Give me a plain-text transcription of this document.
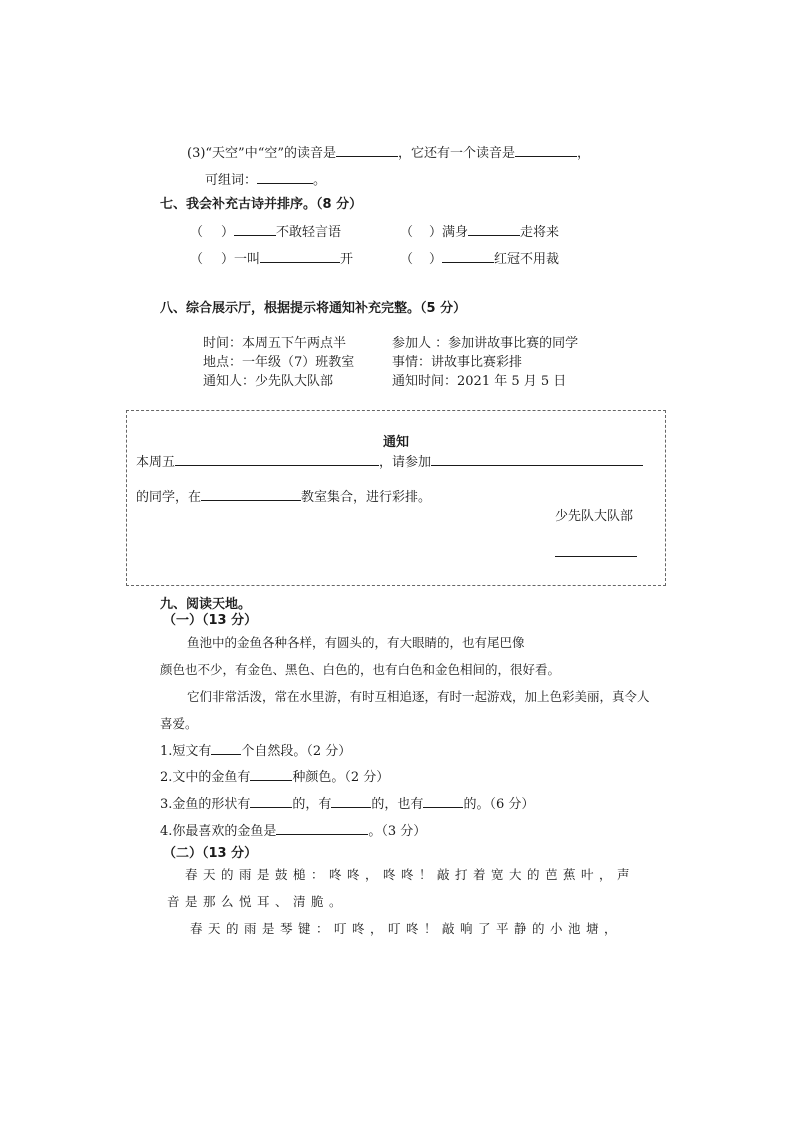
(3)“天空”中“空”的读音是	，它还有一个读音是	，
可组词：	。
七、我会补充古诗并排序。（8 分）
（ ）	不敢轻言语	（ ）满身	走将来
（ ）一叫	开	（ ）	红冠不用裁
八、综合展示厅，根据提示将通知补充完整。（5 分）
时间：本周五下午两点半	参加人 ：参加讲故事比赛的同学
地点：一年级（7）班教室	事情：讲故事比赛彩排
通知人：少先队大队部	通知时间：2021 年 5 月 5 日
通知
本周五	，请参加
的同学，在	教室集合，进行彩排。
少先队大队部
九、阅读天地。
（一）（13 分）
鱼池中的金鱼各种各样，有圆头的，有大眼睛的，也有尾巴像
颜色也不少，有金色、黑色、白色的，也有白色和金色相间的，很好看。
它们非常活泼，常在水里游，有时互相追逐，有时一起游戏，加上色彩美丽，真令人
喜爱。
1.短文有 个自然段。（2 分）
2.文中的金鱼有	种颜色。（2 分）
3.金鱼的形状有	的，有	的，也有	的。（6 分）
4.你最喜欢的金鱼是	。（3 分）
（二）（13 分）
春天的雨是鼓槌：咚咚，咚咚！敲打着宽大的芭蕉叶，声
音是那么悦耳、清脆。
春天的雨是琴键：叮咚，叮咚！敲响了平静的小池塘，
